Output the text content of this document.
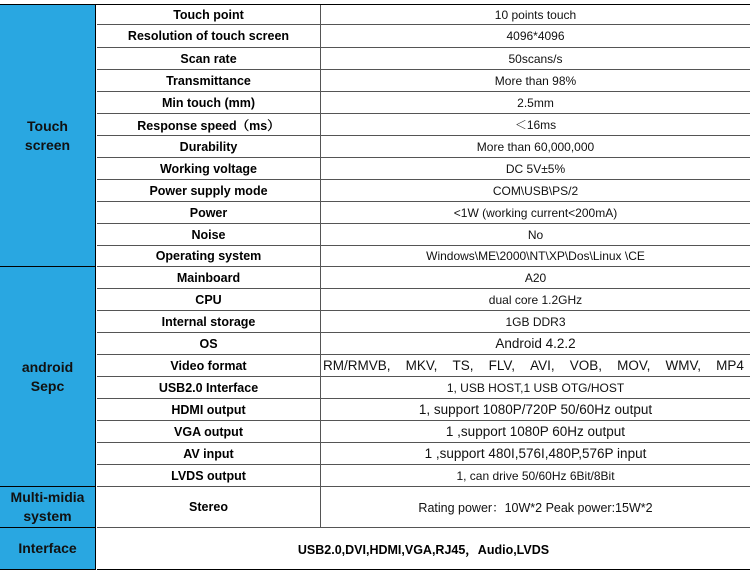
Touch
screen
Touch point	10 points touch
Resolution of touch screen	4096*4096
Scan rate	50scans/s
Transmittance	More than 98%
Min touch (mm)	2.5mm
Response speed（ms）	＜16ms
Durability	More than 60,000,000
Working voltage	DC 5V±5%
Power supply mode	COM\USB\PS/2
Power	<1W (working current<200mA)
Noise	No
Operating system	Windows\ME\2000\NT\XP\Dos\Linux \CE
android
Sepc
Mainboard	A20
CPU	dual core 1.2GHz
Internal storage	1GB DDR3
OS	Android 4.2.2
Video format	RM/RMVB, MKV, TS, FLV, AVI, VOB, MOV, WMV, MP4
USB2.0 Interface	1, USB HOST,1 USB OTG/HOST
HDMI output	1, support 1080P/720P 50/60Hz output
VGA output	1 ,support 1080P 60Hz output
AV input	1 ,support 480I,576I,480P,576P input
LVDS output	1, can drive 50/60Hz 6Bit/8Bit
Multi-midia
system
Stereo	Rating power：10W*2 Peak power:15W*2
Interface	USB2.0,DVI,HDMI,VGA,RJ45，Audio,LVDS
